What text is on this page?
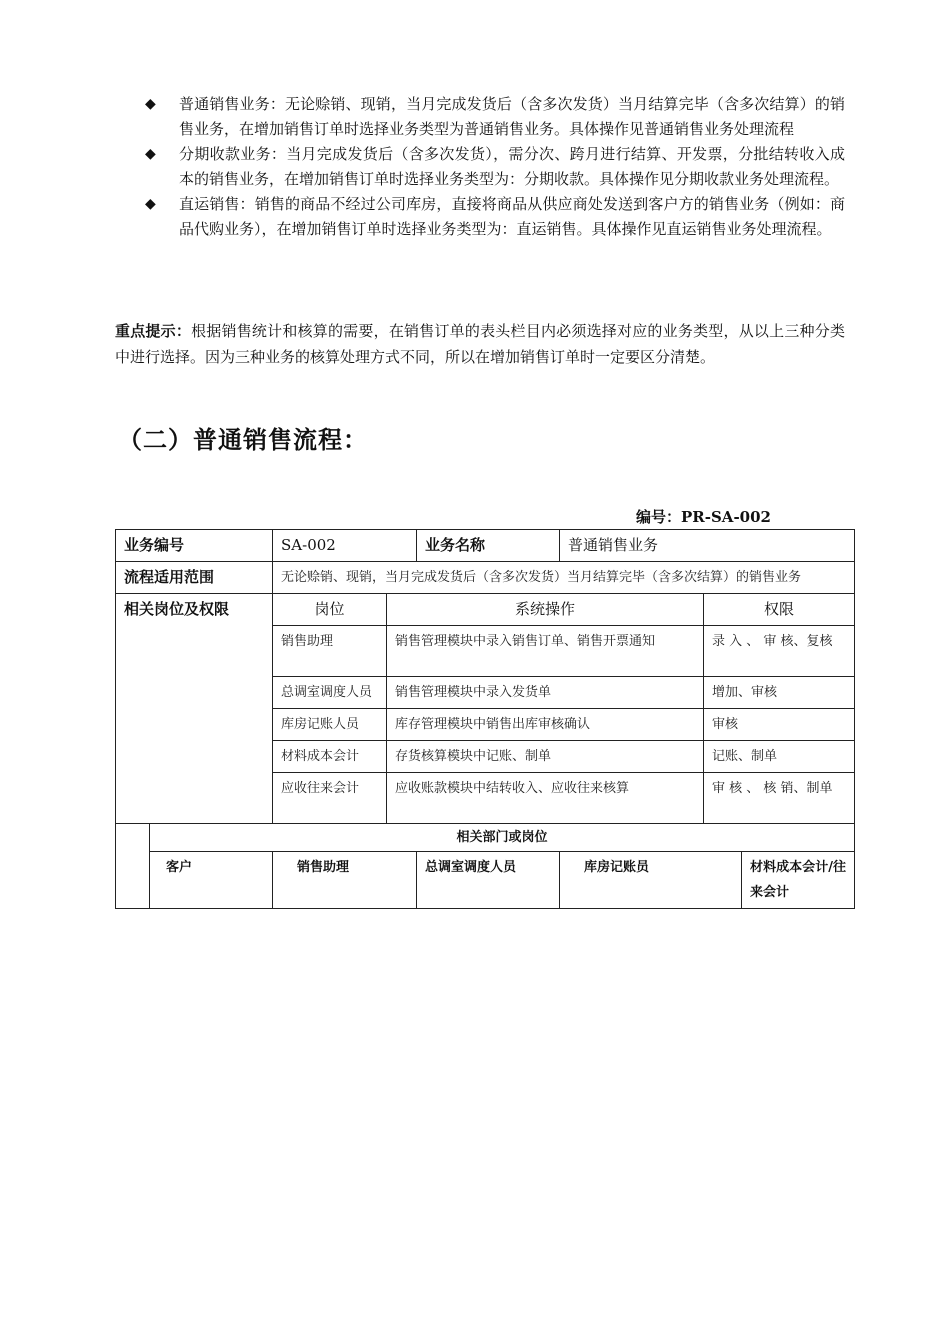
◆	普通销售业务：无论赊销、现销，当月完成发货后（含多次发货）当月结算完毕（含多次结算）的销售业务，在增加销售订单时选择业务类型为普通销售业务。具体操作见普通销售业务处理流程
◆	分期收款业务：当月完成发货后（含多次发货），需分次、跨月进行结算、开发票，分批结转收入成本的销售业务，在增加销售订单时选择业务类型为：分期收款。具体操作见分期收款业务处理流程。
◆	直运销售：销售的商品不经过公司库房，直接将商品从供应商处发送到客户方的销售业务（例如：商品代购业务），在增加销售订单时选择业务类型为：直运销售。具体操作见直运销售业务处理流程。
重点提示：根据销售统计和核算的需要，在销售订单的表头栏目内必须选择对应的业务类型，从以上三种分类中进行选择。因为三种业务的核算处理方式不同，所以在增加销售订单时一定要区分清楚。
（二）普通销售流程：
编号：PR-SA-002
业务编号		SA-002		业务名称	普通销售业务		
流程适用范围		无论赊销、现销，当月完成发货后（含多次发货）当月结算完毕（含多次结算）的销售业务					
相关岗位及权限		岗位	系统操作			权限	
		销售助理	销售管理模块中录入销售订单、销售开票通知			录 入 、 审 核、复核	
		总调室调度人员	销售管理模块中录入发货单			增加、审核	
		库房记账人员	库存管理模块中销售出库审核确认			审核	
		材料成本会计	存货核算模块中记账、制单			记账、制单	
		应收往来会计	应收账款模块中结转收入、应收往来核算			审 核 、 核 销、制单	
	相关部门或岗位						
	客户	销售助理		总调室调度人员	库房记账员		材料成本会计/往来会计
